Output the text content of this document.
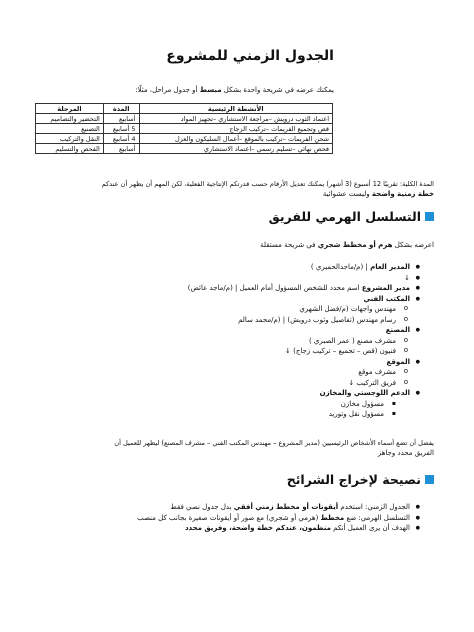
الجدول الزمني للمشروع
يمكنك عرضه في شريحة واحدة بشكل مبسط أو جدول مراحل، مثلًا:
الأنشطة الرئيسية	المدة	المرحلة
اعتماد الثوب درويش –مراجعة الاستشاري –تجهيز المواد	أسابيع	التحضير والتصاميم
قص وتجميع الفريمات –تركيب الزجاج	5 أسابيع	التصنيع
شحن الفريمات –تركيب بالموقع –أعمال السليكون والعزل	4 أسابيع	النقل والتركيب
فحص نهائي –تسليم رسمي –اعتماد الاستشاري	أسابيع	الفحص والتسليم
المدة الكلية: تقريبًا 12 أسبوع (3 أشهر) يمكنك تعديل الأرقام حسب قدرتكم الإنتاجية الفعلية، لكن المهم أن يظهر أن عندكم
خطة زمنية واضحة وليست عشوائية
التسلسل الهرمي للفريق
اعرضه بشكل هرم أو مخطط شجري في شريحة مستقلة
● المدير العام | (م/ماجدالحميري )
● ↓
● مدير المشروع اسم محدد للشخص المسؤول أمام العميل | (م/ماجد عائض)
● المكتب الفني
o مهندس واجهات (م/فضل الشهري
o رسام مهندس (تفاصيل وثوب درويش) | (م/محمد سالم
● المصنع
o مشرف مصنع ( عمر الصبري )
o فنيون (قص – تجميع – تركيب زجاج) ↓
● الموقع
o مشرف موقع
o فريق التركيب ↓
● الدعم اللوجستي والمخازن
▪ مسؤول مخازن
▪ مسؤول نقل وتوريد
يفضل أن تضع أسماء الأشخاص الرئيسيين (مدير المشروع – مهندس المكتب الفني – مشرف المصنع) ليظهر للعميل أن
الفريق محدد وجاهز
نصيحة لإخراج الشرائح
● الجدول الزمني: استخدم أيقونات أو مخطط زمني أفقي بدل جدول نصي فقط
● التسلسل الهرمي: ضع مخطط (هرمي أو شجري) مع صور أو أيقونات صغيرة بجانب كل منصب
● الهدف أن يرى العميل أنكم منظمون، عندكم خطة واضحة، وفريق محدد
